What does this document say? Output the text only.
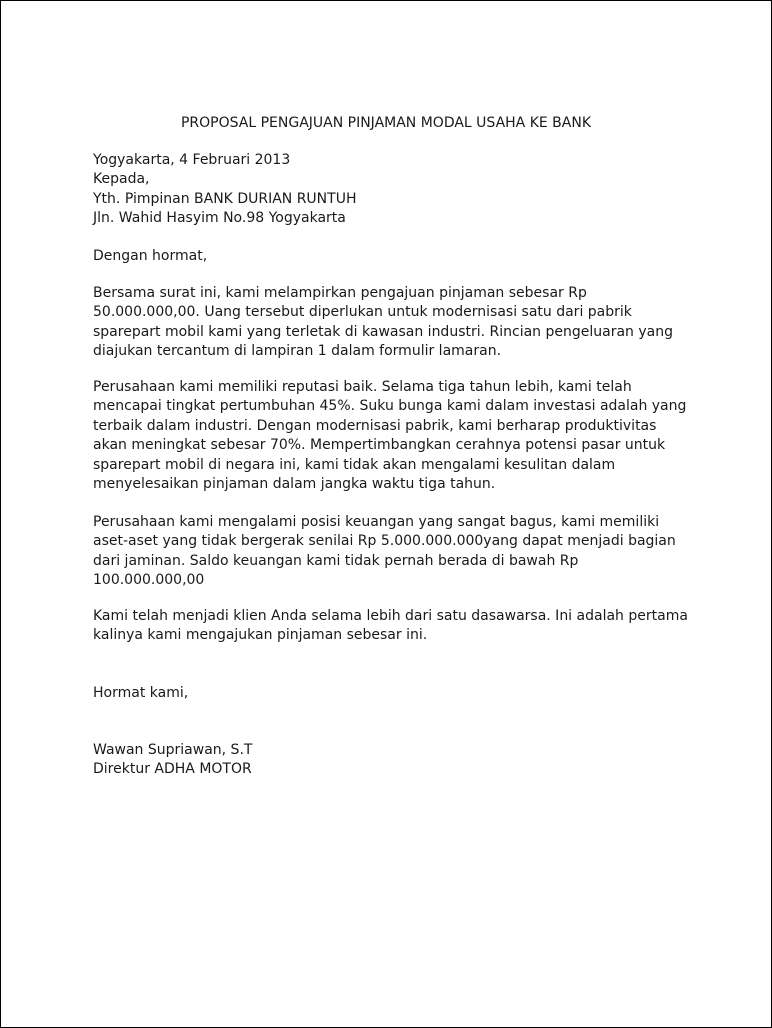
PROPOSAL PENGAJUAN PINJAMAN MODAL USAHA KE BANK
Yogyakarta, 4 Februari 2013
Kepada,
Yth. Pimpinan BANK DURIAN RUNTUH
Jln. Wahid Hasyim No.98 Yogyakarta
Dengan hormat,
Bersama surat ini, kami melampirkan pengajuan pinjaman sebesar Rp
50.000.000,00. Uang tersebut diperlukan untuk modernisasi satu dari pabrik
sparepart mobil kami yang terletak di kawasan industri. Rincian pengeluaran yang
diajukan tercantum di lampiran 1 dalam formulir lamaran.
Perusahaan kami memiliki reputasi baik. Selama tiga tahun lebih, kami telah
mencapai tingkat pertumbuhan 45%. Suku bunga kami dalam investasi adalah yang
terbaik dalam industri. Dengan modernisasi pabrik, kami berharap produktivitas
akan meningkat sebesar 70%. Mempertimbangkan cerahnya potensi pasar untuk
sparepart mobil di negara ini, kami tidak akan mengalami kesulitan dalam
menyelesaikan pinjaman dalam jangka waktu tiga tahun.
Perusahaan kami mengalami posisi keuangan yang sangat bagus, kami memiliki
aset-aset yang tidak bergerak senilai Rp 5.000.000.000yang dapat menjadi bagian
dari jaminan. Saldo keuangan kami tidak pernah berada di bawah Rp
100.000.000,00
Kami telah menjadi klien Anda selama lebih dari satu dasawarsa. Ini adalah pertama
kalinya kami mengajukan pinjaman sebesar ini.
Hormat kami,
Wawan Supriawan, S.T
Direktur ADHA MOTOR
